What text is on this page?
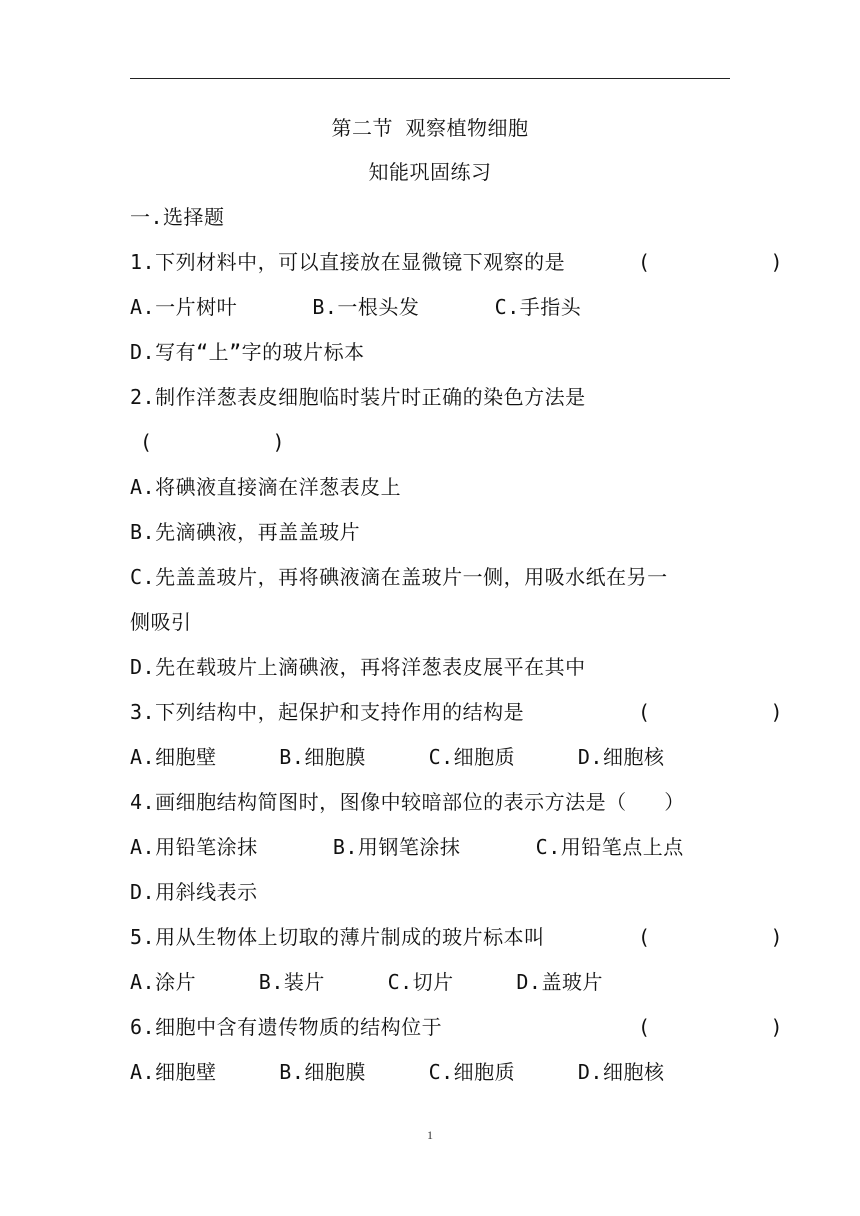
第二节 观察植物细胞
知能巩固练习
一.选择题
1.下列材料中，可以直接放在显微镜下观察的是	(          )
A.一片树叶      B.一根头发      C.手指头
D.写有“上”字的玻片标本
2.制作洋葱表皮细胞临时装片时正确的染色方法是
(          )
A.将碘液直接滴在洋葱表皮上
B.先滴碘液，再盖盖玻片
C.先盖盖玻片，再将碘液滴在盖玻片一侧，用吸水纸在另一
侧吸引
D.先在载玻片上滴碘液，再将洋葱表皮展平在其中
3.下列结构中，起保护和支持作用的结构是	(          )
A.细胞壁     B.细胞膜     C.细胞质     D.细胞核
4.画细胞结构简图时，图像中较暗部位的表示方法是（   ）
A.用铅笔涂抹      B.用钢笔涂抹      C.用铅笔点上点
D.用斜线表示
5.用从生物体上切取的薄片制成的玻片标本叫	(          )
A.涂片     B.装片     C.切片     D.盖玻片
6.细胞中含有遗传物质的结构位于	(          )
A.细胞壁     B.细胞膜     C.细胞质     D.细胞核
1
